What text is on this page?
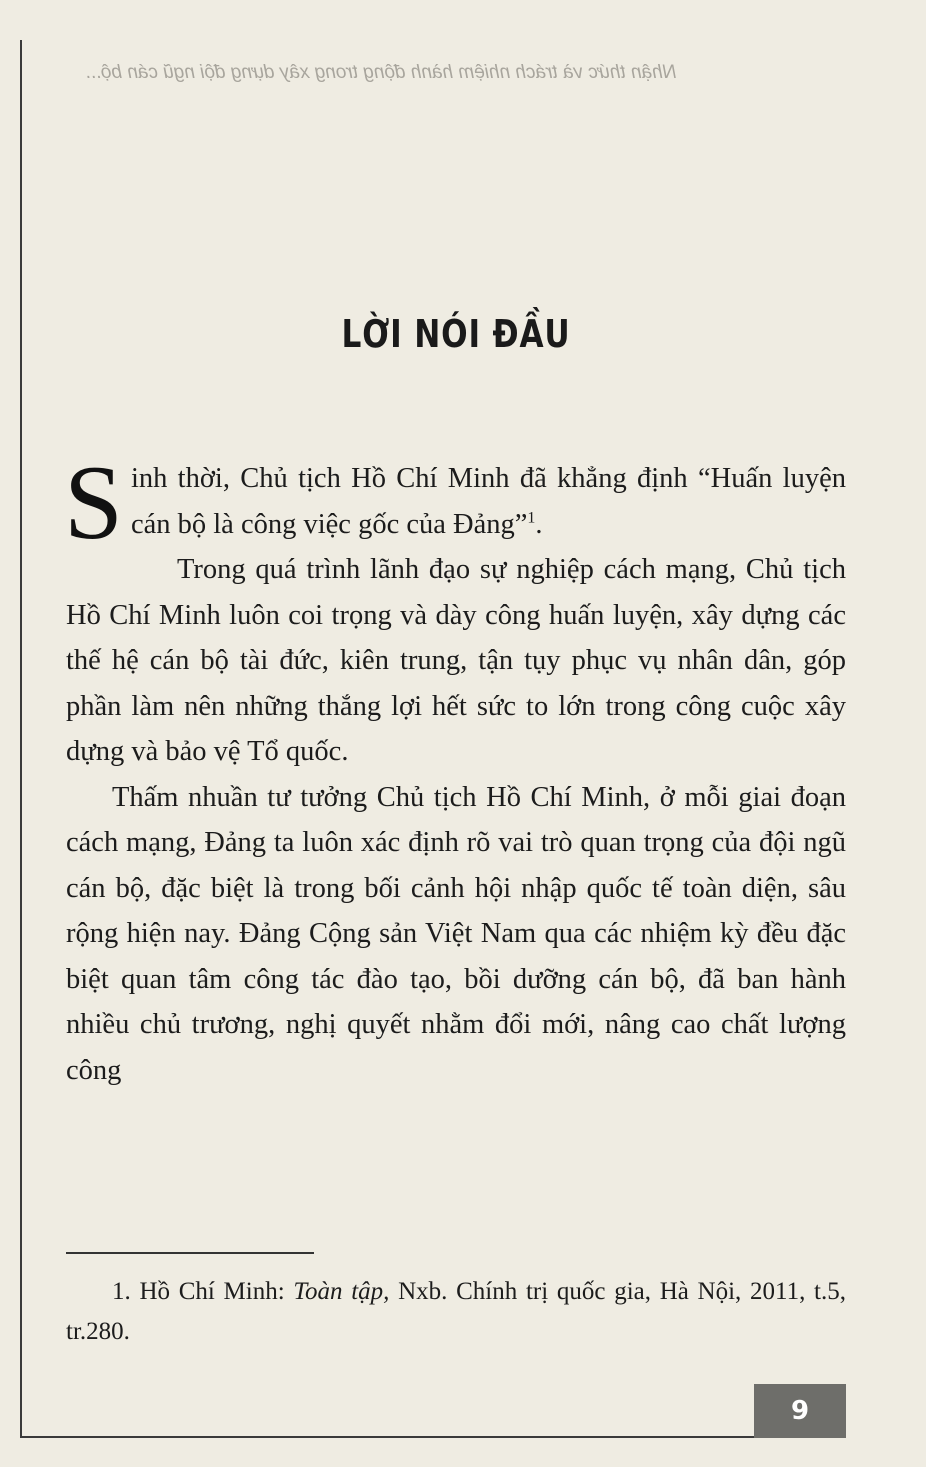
Nhận thức và trách nhiệm hành động trong xây dựng đội ngũ cán bộ...
LỜI NÓI ĐẦU

Sinh thời, Chủ tịch Hồ Chí Minh đã khẳng định “Huấn luyện cán bộ là công việc gốc của Đảng”$^1$.

Trong quá trình lãnh đạo sự nghiệp cách mạng, Chủ tịch Hồ Chí Minh luôn coi trọng và dày công huấn luyện, xây dựng các thế hệ cán bộ tài đức, kiên trung, tận tụy phục vụ nhân dân, góp phần làm nên những thắng lợi hết sức to lớn trong công cuộc xây dựng và bảo vệ Tổ quốc.

Thấm nhuần tư tưởng Chủ tịch Hồ Chí Minh, ở mỗi giai đoạn cách mạng, Đảng ta luôn xác định rõ vai trò quan trọng của đội ngũ cán bộ, đặc biệt là trong bối cảnh hội nhập quốc tế toàn diện, sâu rộng hiện nay. Đảng Cộng sản Việt Nam qua các nhiệm kỳ đều đặc biệt quan tâm công tác đào tạo, bồi dưỡng cán bộ, đã ban hành nhiều chủ trương, nghị quyết nhằm đổi mới, nâng cao chất lượng công

1. Hồ Chí Minh: Toàn tập, Nxb. Chính trị quốc gia, Hà Nội, 2011, t.5, tr.280.
9
